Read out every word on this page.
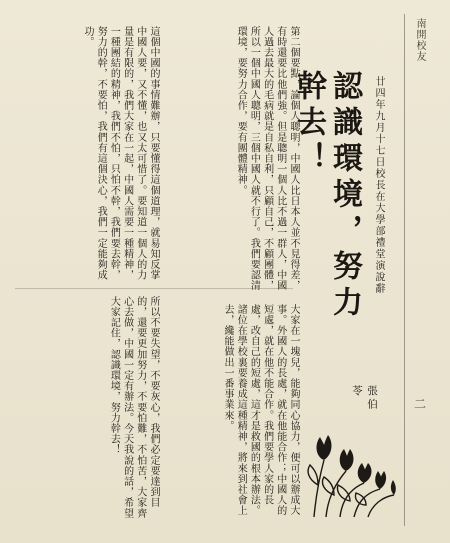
南開校友
二
認識環境，努力幹去！	廿四年九月十七日校長在大學部禮堂演說辭
張伯苓
第二個要點，論個人聰明，中國人比日本人並不見得差，有時還要比他們強。但是聰明一個人比不過一群人，中國人過去最大的毛病就是自私自利，只顧自己，不顧團體，所以一個中國人聰明，三個中國人就不行了。我們要認清環境，要努力合作，要有團體精神。
大家在一塊兒，能夠同心協力，便可以辦成大事。外國人的長處，就在他能合作；中國人的短處，就在他不能合作。我們要學人家的長處，改自己的短處，這才是救國的根本辦法。諸位在學校裏要養成這種精神，將來到社會上去，纔能做出一番事業來。
這個中國的事情難辦，只要懂得這個道理，就易知反掌中國人要，又不懂，也又太可惜了。要知道一個人的力量是有限的，我們大家在一起，中國人需要一種精神，一種團結的精神，我們不怕，只怕不幹，我們要去幹，努力的幹，不要怕，我們有這個決心，我們一定能夠成功。
所以不要失望，不要灰心，我們必定要達到目的，還要更加努力，不要怕難，不怕苦，大家齊心去做，中國一定有辦法。今天我說的話，希望大家記住，認識環境，努力幹去！
